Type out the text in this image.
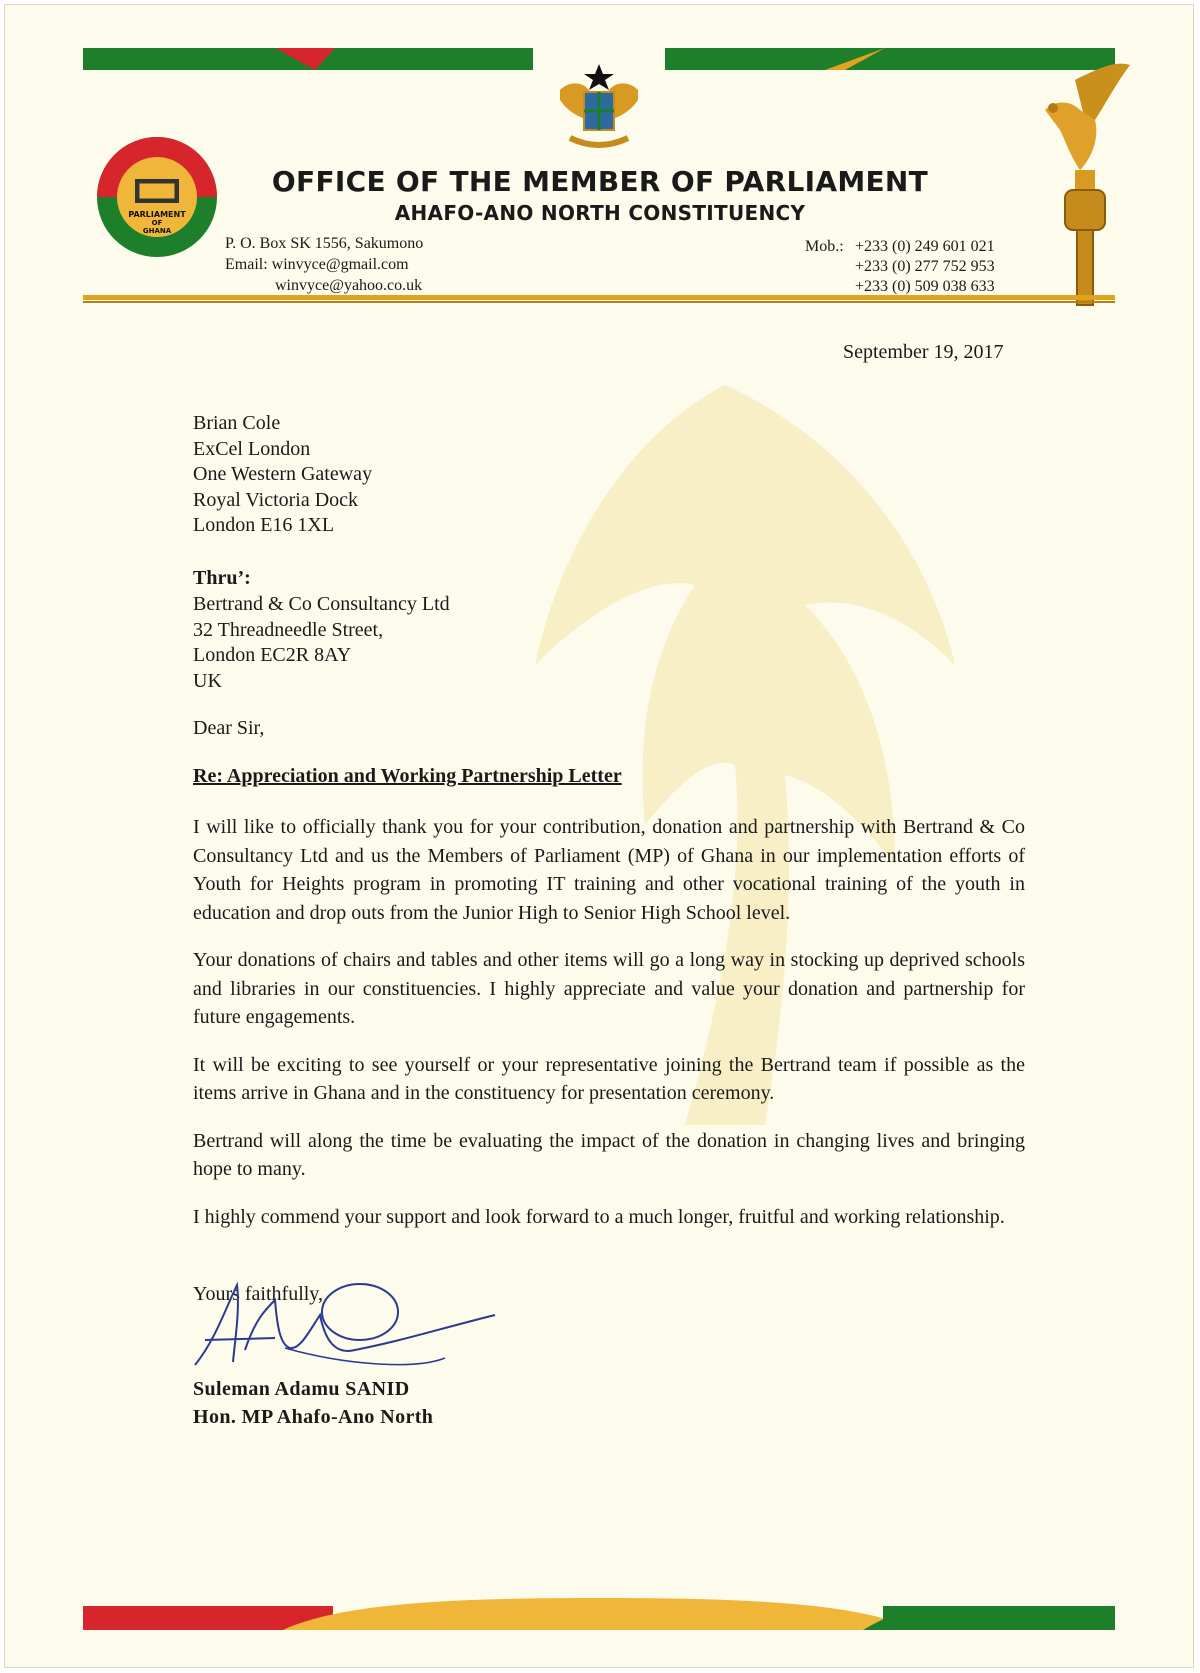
PARLIAMENT
OF
GHANA
OFFICE OF THE MEMBER OF PARLIAMENT
AHAFO-ANO NORTH CONSTITUENCY
P. O. Box SK 1556, Sakumono
Email: winvyce@gmail.com
winvyce@yahoo.co.uk
Mob.: +233 (0) 249 601 021
+233 (0) 277 752 953
+233 (0) 509 038 633
September 19, 2017
Brian Cole
ExCel London
One Western Gateway
Royal Victoria Dock
London E16 1XL
Thru’:
Bertrand & Co Consultancy Ltd
32 Threadneedle Street,
London EC2R 8AY
UK
Dear Sir,
Re: Appreciation and Working Partnership Letter

I will like to officially thank you for your contribution, donation and partnership with Bertrand & Co Consultancy Ltd and us the Members of Parliament (MP) of Ghana in our implementation efforts of Youth for Heights program in promoting IT training and other vocational training of the youth in education and drop outs from the Junior High to Senior High School level.

Your donations of chairs and tables and other items will go a long way in stocking up deprived schools and libraries in our constituencies. I highly appreciate and value your donation and partnership for future engagements.

It will be exciting to see yourself or your representative joining the Bertrand team if possible as the items arrive in Ghana and in the constituency for presentation ceremony.

Bertrand will along the time be evaluating the impact of the donation in changing lives and bringing hope to many.

I highly commend your support and look forward to a much longer, fruitful and working relationship.

Yours faithfully,
Suleman Adamu SANID
Hon. MP Ahafo-Ano North
